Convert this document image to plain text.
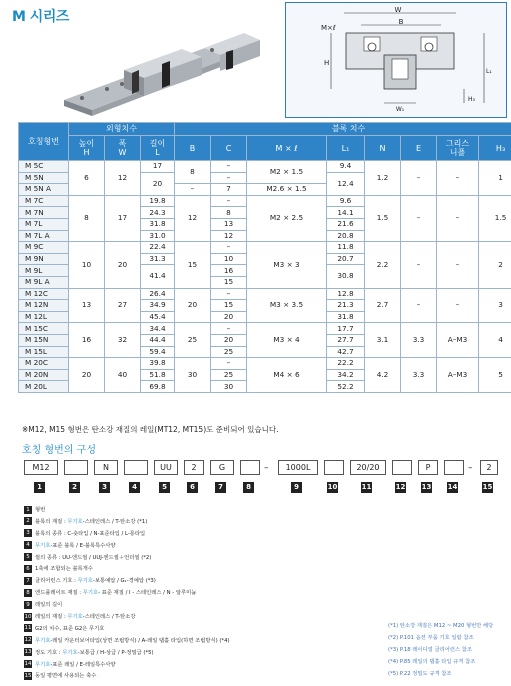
M 시리즈	W
B
M×ℓ
H
W₁
H₃
L₁
호칭형번	외형치수			블록 치수							
	높이
H	폭
W	길이
L	B	C	M × ℓ	L₁	N	E	그리스
니플	H₃
M 5C	6	12	17	8	–	M2 × 1.5	9.4	1.2	–	–	1
M 5N			20		–		12.4				
M 5N A				–	7	M2.6 × 1.5					
M 7C	8	17	19.8	12	–	M2 × 2.5	9.6	1.5	–	–	1.5
M 7N			24.3		8		14.1				
M 7L			31.8		13		21.6				
M 7L A			31.0		12		20.8				
M 9C	10	20	22.4	15	–	M3 × 3	11.8	2.2	–	–	2
M 9N			31.3		10		20.7				
M 9L			41.4		16		30.8				
M 9L A					15						
M 12C	13	27	26.4	20	–	M3 × 3.5	12.8	2.7	–	–	3
M 12N			34.9		15		21.3				
M 12L			45.4		20		31.8				
M 15C	16	32	34.4	25	–	M3 × 4	17.7	3.1	3.3	A–M3	4
M 15N			44.4		20		27.7				
M 15L			59.4		25		42.7				
M 20C	20	40	39.8	30	–	M4 × 6	22.2	4.2	3.3	A–M3	5
M 20N			51.8		25		34.2				
M 20L			69.8		30		52.2				
※M12, M15 형번은 탄소강 재질의 레일(MT12, MT15)도 준비되어 있습니다.
호칭 형번의 구성
M12	N	UU	2	G	–	1000L	20/20	P	–	2
1	2	3	4	5	6	7	8	9	10	11	12 13 14	15
1 형번
2 블록의 재질 : 무기호-스테인레스 / T-탄소강 (*1)
3 블록의 종류 : C-숏타입 / N-표준타입 / L-롱타입
4 무기호-표준 블록 / E-블록특수사양
5 씰의 종류 : UU-엔드씰 / UUJ-엔드씰＋언더씰 (*2)
6 1축에 조합되는 블록개수
7 클리어런스 기호 : 무기호-보통예압 / G₁-경예압 (*3)
8 엔드플레이트 재질 : 무기호- 표준 재질 / I - 스테인레스 / N - 알루미늄
9 레일의 길이
10 레일의 재질 : 무기호-스테인레스 / T-탄소강
11 G2의 치수, 표준 G2은 무기호
12 무기호-레일 카운터보어타입(상면 조립방식) / A-레일 탭홀 타입(하면 조립방식) (*4)
13 정도 기호 : 무기호-보통급 / H-상급 / P-정밀급 (*5)
14 무기호-표준 레일 / E-레일특수사양
15 동일 평면에 사용되는 축수
(*1) 탄소강 재질은 M12 ~ M20 형번만 해당
(*2) P.101 옵션 부품 기호 일람 참조
(*3) P.18 레이디얼 클리어런스 참조
(*4) P.85 레일의 탭홀 타입 규격 참조
(*5) P.22 정밀도 규격 참조
